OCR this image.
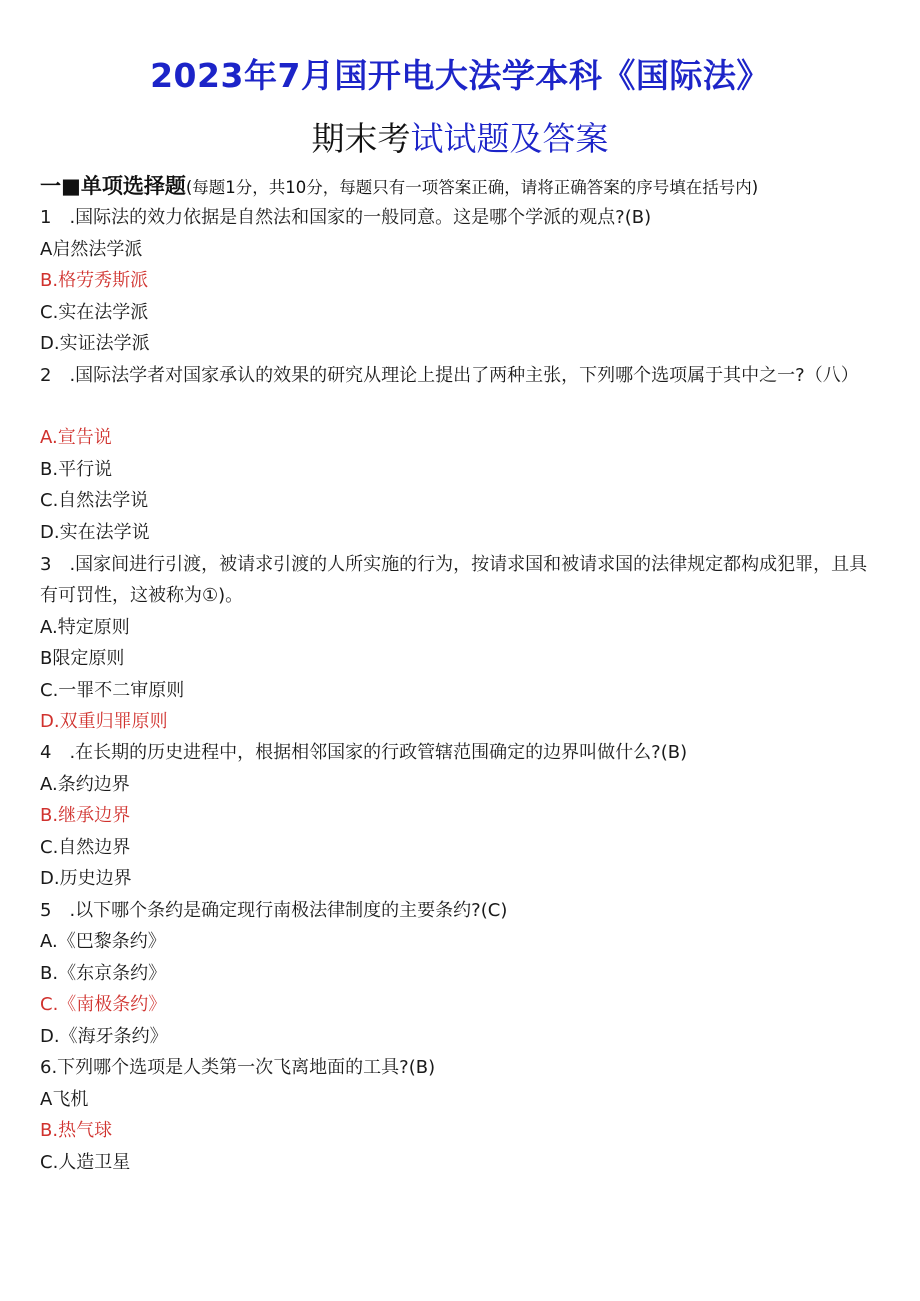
2023年7月国开电大法学本科《国际法》
期末考试试题及答案
一■单项选择题(每题1分，共10分，每题只有一项答案正确，请将正确答案的序号填在括号内)
1　.国际法的效力依据是自然法和国家的一般同意。这是哪个学派的观点?(B)
A启然法学派
B.格劳秀斯派
C.实在法学派
D.实证法学派
2　.国际法学者对国家承认的效果的研究从理论上提出了两种主张，下列哪个选项属于其中之一?（八）
A.宣告说
B.平行说
C.自然法学说
D.实在法学说
3　.国家间进行引渡，被请求引渡的人所实施的行为，按请求国和被请求国的法律规定都构成犯罪，且具有可罚性，这被称为①)。
A.特定原则
B限定原则
C.一罪不二审原则
D.双重归罪原则
4　.在长期的历史进程中，根据相邻国家的行政管辖范围确定的边界叫做什么?(B)
A.条约边界
B.继承边界
C.自然边界
D.历史边界
5　.以下哪个条约是确定现行南极法律制度的主要条约?(C)
A.《巴黎条约》
B.《东京条约》
C.《南极条约》
D.《海牙条约》
6.下列哪个选项是人类第一次飞离地面的工具?(B)
A飞机
B.热气球
C.人造卫星
